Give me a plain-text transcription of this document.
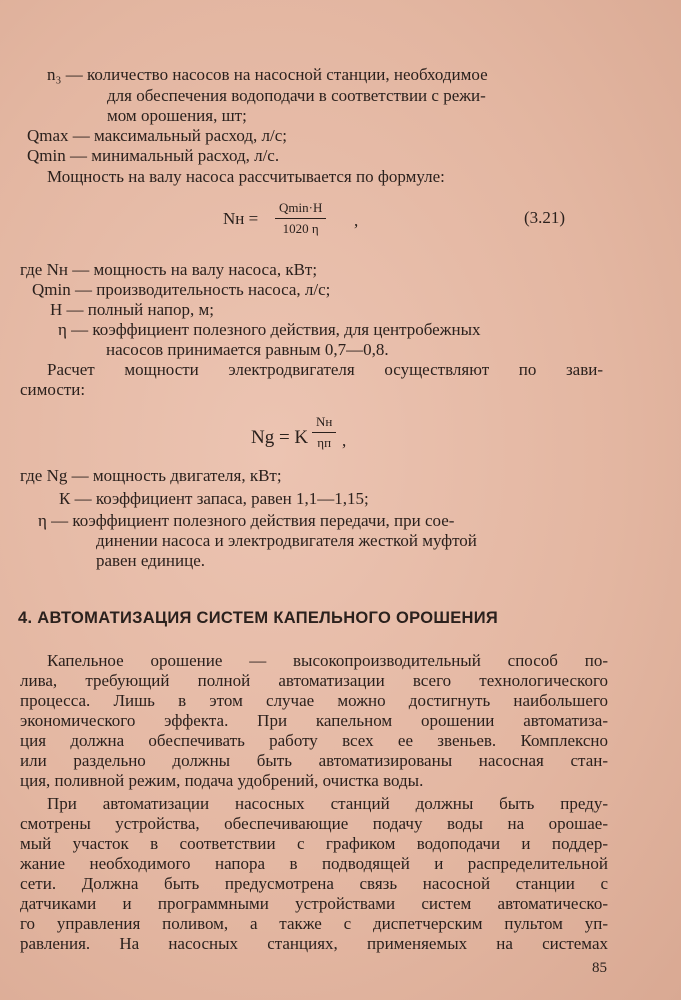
n₃ — количество насосов на насосной станции, необходимое
для обеспечения водоподачи в соответствии с режи-
мом орошения, шт;
Qmax — максимальный расход, л/с;
Qmin — минимальный расход, л/с.
Мощность на валу насоса рассчитывается по формуле:
Nн =
Qmin·H
1020 η	,	(3.21)
где Nн — мощность на валу насоса, кВт;
Qmin — производительность насоса, л/с;
Н — полный напор, м;
η — коэффициент полезного действия, для центробежных
насосов принимается равным 0,7—0,8.
Расчет мощности электродвигателя осуществляют по зави-
симости:
Ng = K
Nн
ηп ,
где Ng — мощность двигателя, кВт;
К — коэффициент запаса, равен 1,1—1,15;
η — коэффициент полезного действия передачи, при сое-
динении насоса и электродвигателя жесткой муфтой
равен единице.
4. АВТОМАТИЗАЦИЯ СИСТЕМ КАПЕЛЬНОГО ОРОШЕНИЯ
Капельное орошение — высокопроизводительный способ по-
лива, требующий полной автоматизации всего технологического
процесса. Лишь в этом случае можно достигнуть наибольшего
экономического эффекта. При капельном орошении автоматиза-
ция должна обеспечивать работу всех ее звеньев. Комплексно
или раздельно должны быть автоматизированы насосная стан-
ция, поливной режим, подача удобрений, очистка воды.
При автоматизации насосных станций должны быть преду-
смотрены устройства, обеспечивающие подачу воды на орошае-
мый участок в соответствии с графиком водоподачи и поддер-
жание необходимого напора в подводящей и распределительной
сети. Должна быть предусмотрена связь насосной станции с
датчиками и программными устройствами систем автоматическо-
го управления поливом, а также с диспетчерским пультом уп-
равления. На насосных станциях, применяемых на системах
85
